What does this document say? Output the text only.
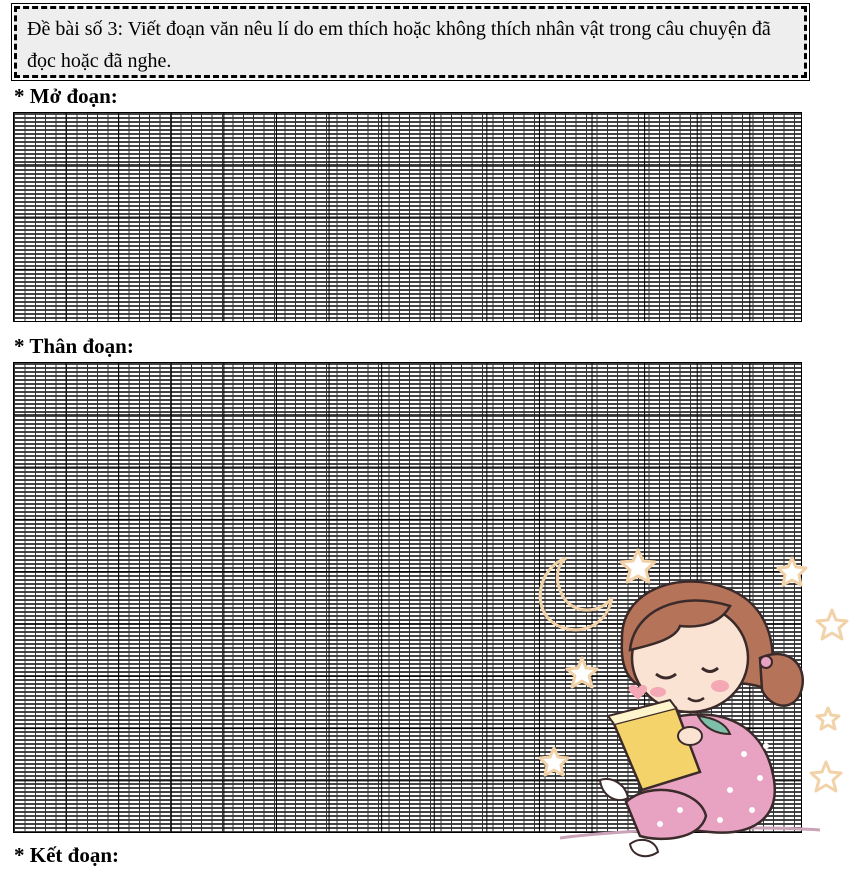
Đề bài số 3: Viết đoạn văn nêu lí do em thích hoặc không thích nhân vật trong câu chuyện đã đọc hoặc đã nghe.
* Mở đoạn:
* Thân đoạn:
* Kết đoạn:
